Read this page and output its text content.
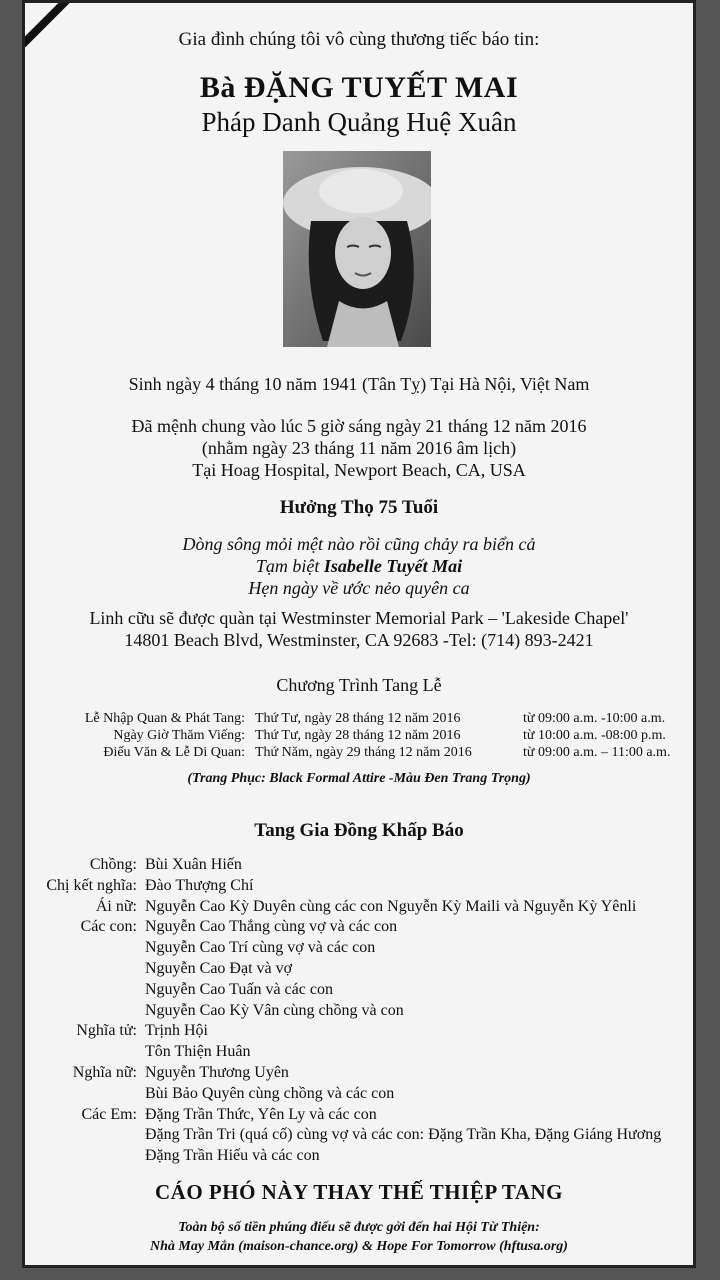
Gia đình chúng tôi vô cùng thương tiếc báo tin:
Bà ĐẶNG TUYẾT MAI
Pháp Danh Quảng Huệ Xuân
Sinh ngày 4 tháng 10 năm 1941 (Tân Tỵ) Tại Hà Nội, Việt Nam
Đã mệnh chung vào lúc 5 giờ sáng ngày 21 tháng 12 năm 2016
(nhằm ngày 23 tháng 11 năm 2016 âm lịch)
Tại Hoag Hospital, Newport Beach, CA, USA
Hưởng Thọ 75 Tuổi
Dòng sông mỏi mệt nào rồi cũng chảy ra biển cả
Tạm biệt Isabelle Tuyết Mai
Hẹn ngày về ước nẻo quyên ca
Linh cữu sẽ được quàn tại Westminster Memorial Park – 'Lakeside Chapel'
14801 Beach Blvd, Westminster, CA 92683 -Tel: (714) 893-2421
Chương Trình Tang Lễ
Lễ Nhập Quan & Phát Tang:	Thứ Tư, ngày 28 tháng 12 năm 2016	từ 09:00 a.m. -10:00 a.m.
Ngày Giờ Thăm Viếng:	Thứ Tư, ngày 28 tháng 12 năm 2016	từ 10:00 a.m. -08:00 p.m.
Điếu Văn & Lễ Di Quan:	Thứ Năm, ngày 29 tháng 12 năm 2016	từ 09:00 a.m. – 11:00 a.m.
(Trang Phục: Black Formal Attire -Màu Đen Trang Trọng)
Tang Gia Đồng Khấp Báo
Chồng: Bùi Xuân Hiến
Chị kết nghĩa: Đào Thượng Chí
Ái nữ: Nguyễn Cao Kỳ Duyên cùng các con Nguyễn Kỳ Maili và Nguyễn Kỳ Yênli
Các con: Nguyễn Cao Thắng cùng vợ và các con
Nguyễn Cao Trí cùng vợ và các con
Nguyễn Cao Đạt và vợ
Nguyễn Cao Tuấn và các con
Nguyễn Cao Kỳ Vân cùng chồng và con
Nghĩa tử: Trịnh Hội
Tôn Thiện Huân
Nghĩa nữ: Nguyễn Thương Uyên
Bùi Bảo Quyên cùng chồng và các con
Các Em: Đặng Trần Thức, Yên Ly và các con
Đặng Trần Tri (quá cố) cùng vợ và các con: Đặng Trần Kha, Đặng Giáng Hương
Đặng Trần Hiếu và các con
CÁO PHÓ NÀY THAY THẾ THIỆP TANG
Toàn bộ số tiền phúng điếu sẽ được gởi đến hai Hội Từ Thiện:
Nhà May Mắn (maison-chance.org) & Hope For Tomorrow (hftusa.org)
